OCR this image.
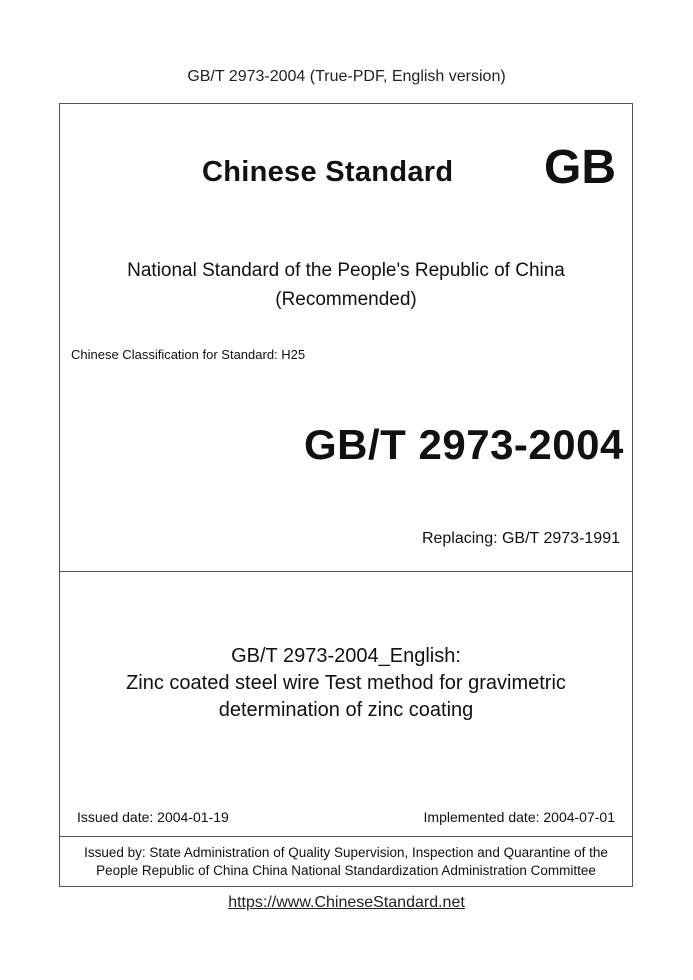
GB/T 2973-2004 (True-PDF, English version)
Chinese Standard GB
National Standard of the People's Republic of China
(Recommended)
Chinese Classification for Standard: H25
GB/T 2973-2004
Replacing: GB/T 2973-1991
GB/T 2973-2004_English:
Zinc coated steel wire Test method for gravimetric
determination of zinc coating
Issued date: 2004-01-19	Implemented date: 2004-07-01
Issued by: State Administration of Quality Supervision, Inspection and Quarantine of the
People Republic of China China National Standardization Administration Committee
https://www.ChineseStandard.net
